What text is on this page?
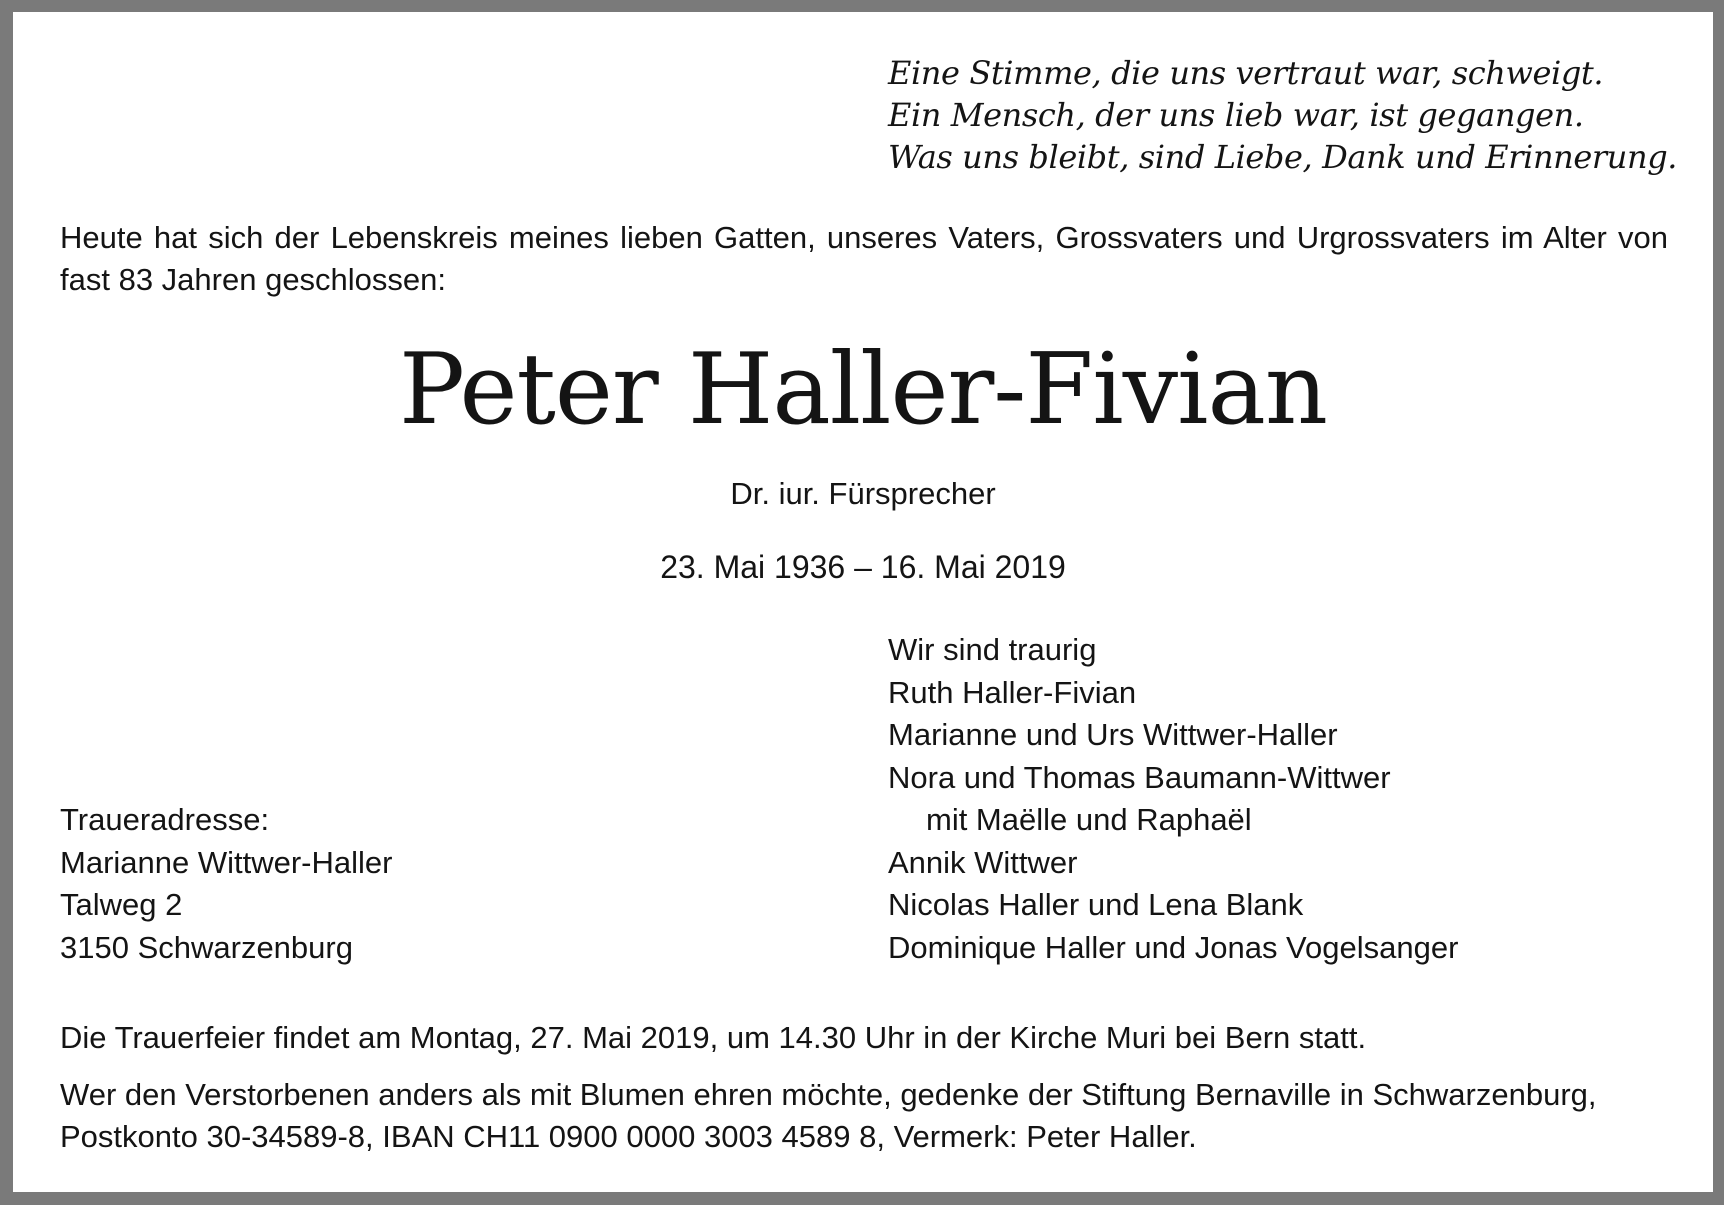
Eine Stimme, die uns vertraut war, schweigt.
Ein Mensch, der uns lieb war, ist gegangen.
Was uns bleibt, sind Liebe, Dank und Erinnerung.
Heute hat sich der Lebenskreis meines lieben Gatten, unseres Vaters, Grossvaters und Urgrossvaters im Alter von fast 83 Jahren geschlossen:
Peter Haller-Fivian
Dr. iur. Fürsprecher
23. Mai 1936 – 16. Mai 2019
Wir sind traurig
Ruth Haller-Fivian
Marianne und Urs Wittwer-Haller
Nora und Thomas Baumann-Wittwer
mit Maëlle und Raphaël
Annik Wittwer
Nicolas Haller und Lena Blank
Dominique Haller und Jonas Vogelsanger
Traueradresse:
Marianne Wittwer-Haller
Talweg 2
3150 Schwarzenburg
Die Trauerfeier findet am Montag, 27. Mai 2019, um 14.30 Uhr in der Kirche Muri bei Bern statt.
Wer den Verstorbenen anders als mit Blumen ehren möchte, gedenke der Stiftung Bernaville in Schwarzenburg,
Postkonto 30-34589-8, IBAN CH11 0900 0000 3003 4589 8, Vermerk: Peter Haller.
